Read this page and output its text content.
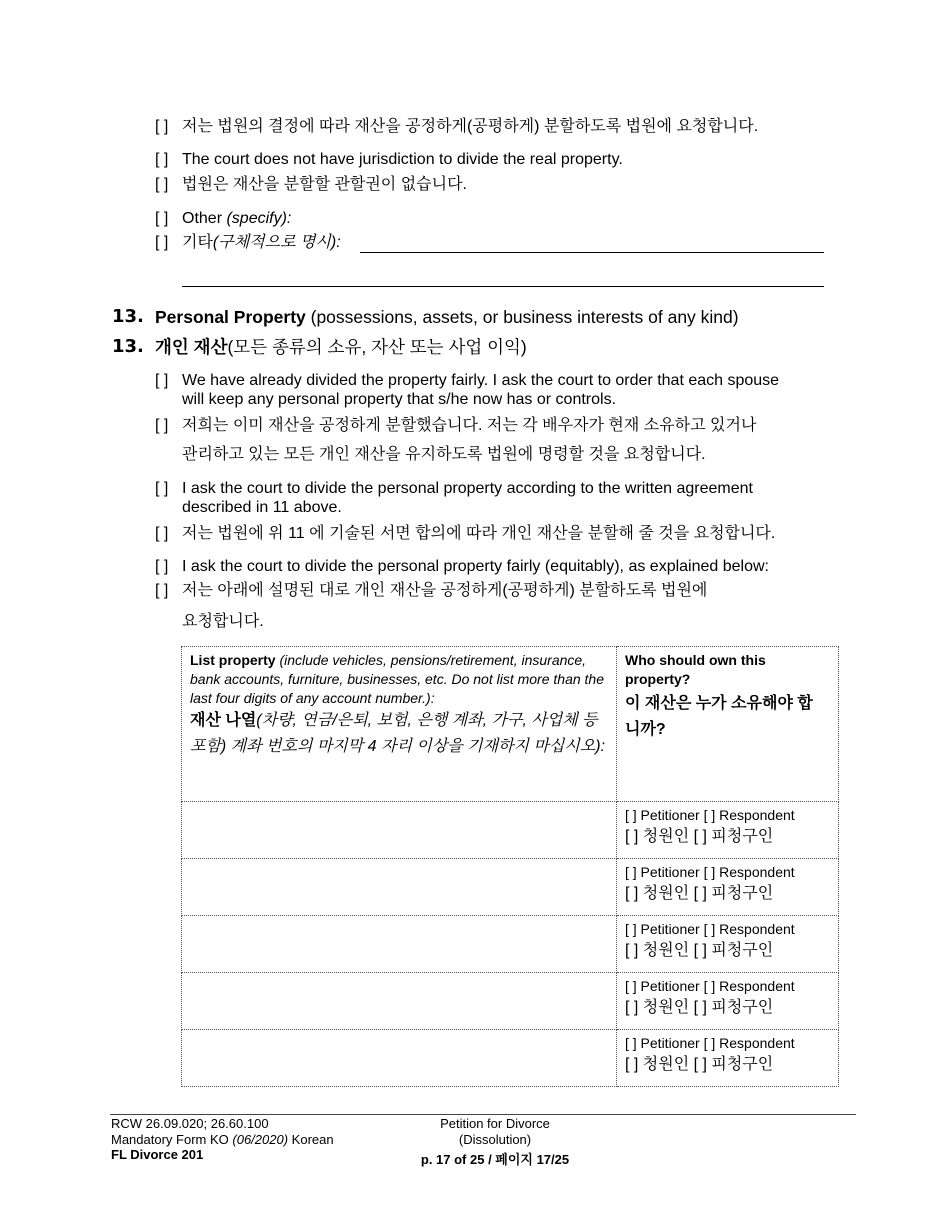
[ ] 저는 법원의 결정에 따라 재산을 공정하게(공평하게) 분할하도록 법원에 요청합니다.
[ ] The court does not have jurisdiction to divide the real property.
[ ] 법원은 재산을 분할할 관할권이 없습니다.
[ ] Other (specify):
[ ] 기타(구체적으로 명시):
13. Personal Property (possessions, assets, or business interests of any kind)
13. 개인 재산(모든 종류의 소유, 자산 또는 사업 이익)
[ ] We have already divided the property fairly. I ask the court to order that each spouse
will keep any personal property that s/he now has or controls.
[ ] 저희는 이미 재산을 공정하게 분할했습니다. 저는 각 배우자가 현재 소유하고 있거나
관리하고 있는 모든 개인 재산을 유지하도록 법원에 명령할 것을 요청합니다.
[ ] I ask the court to divide the personal property according to the written agreement
described in 11 above.
[ ] 저는 법원에 위 11 에 기술된 서면 합의에 따라 개인 재산을 분할해 줄 것을 요청합니다.
[ ] I ask the court to divide the personal property fairly (equitably), as explained below:
[ ] 저는 아래에 설명된 대로 개인 재산을 공정하게(공평하게) 분할하도록 법원에
요청합니다.
List property (include vehicles, pensions/retirement, insurance, bank accounts, furniture, businesses, etc. Do not list more than the last four digits of any account number.):
재산 나열(차량, 연금/은퇴, 보험, 은행 계좌, 가구, 사업체 등 포함) 계좌 번호의 마지막 4 자리 이상을 기재하지 마십시오):	Who should own this property?
이 재산은 누가 소유해야 합니까?

	[ ] Petitioner [ ] Respondent
[ ] 청원인 [ ] 피청구인

	[ ] Petitioner [ ] Respondent
[ ] 청원인 [ ] 피청구인

	[ ] Petitioner [ ] Respondent
[ ] 청원인 [ ] 피청구인

	[ ] Petitioner [ ] Respondent
[ ] 청원인 [ ] 피청구인

	[ ] Petitioner [ ] Respondent
[ ] 청원인 [ ] 피청구인
RCW 26.09.020; 26.60.100
Mandatory Form KO (06/2020) Korean
FL Divorce 201
Petition for Divorce
(Dissolution)
p. 17 of 25 / 페이지 17/25
